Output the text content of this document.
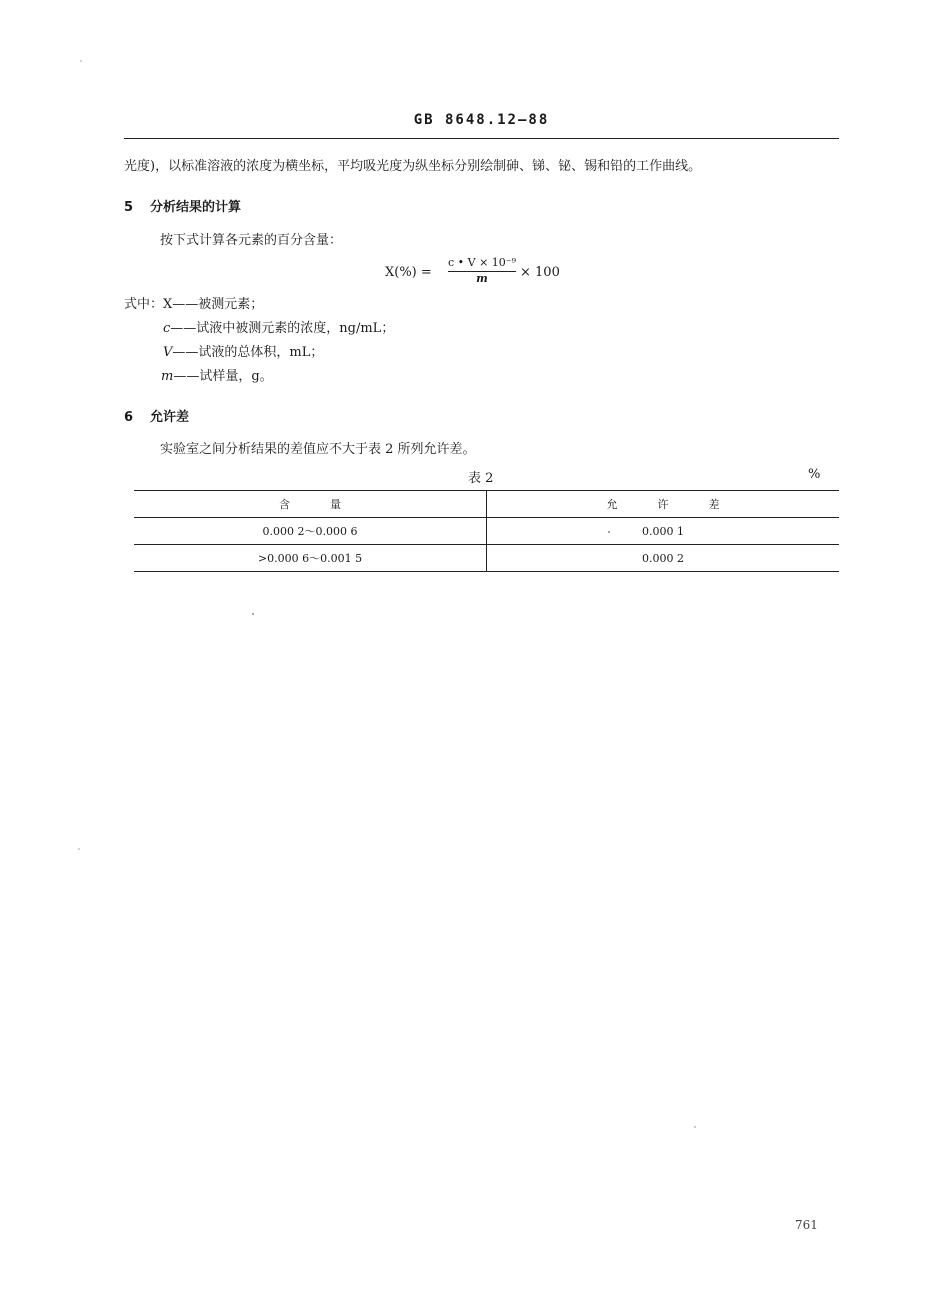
GB 8648.12—88
光度)，以标准溶液的浓度为横坐标，平均吸光度为纵坐标分别绘制砷、锑、铋、锡和铅的工作曲线。
5 分析结果的计算
按下式计算各元素的百分含量：
$X(\%) = \frac{\text{c • V × 10⁻⁹}}{m} \times 100$
式中：X——被测元素；
c——试液中被测元素的浓度，ng/mL；
V——试液的总体积，mL；
m——试样量，g。
6 允许差
实验室之间分析结果的差值应不大于表 2 所列允许差。
表 2	%
含量	允许差
0.000 2～0.000 6	0.000 1
>0.000 6～0.001 5	0.000 2
761
